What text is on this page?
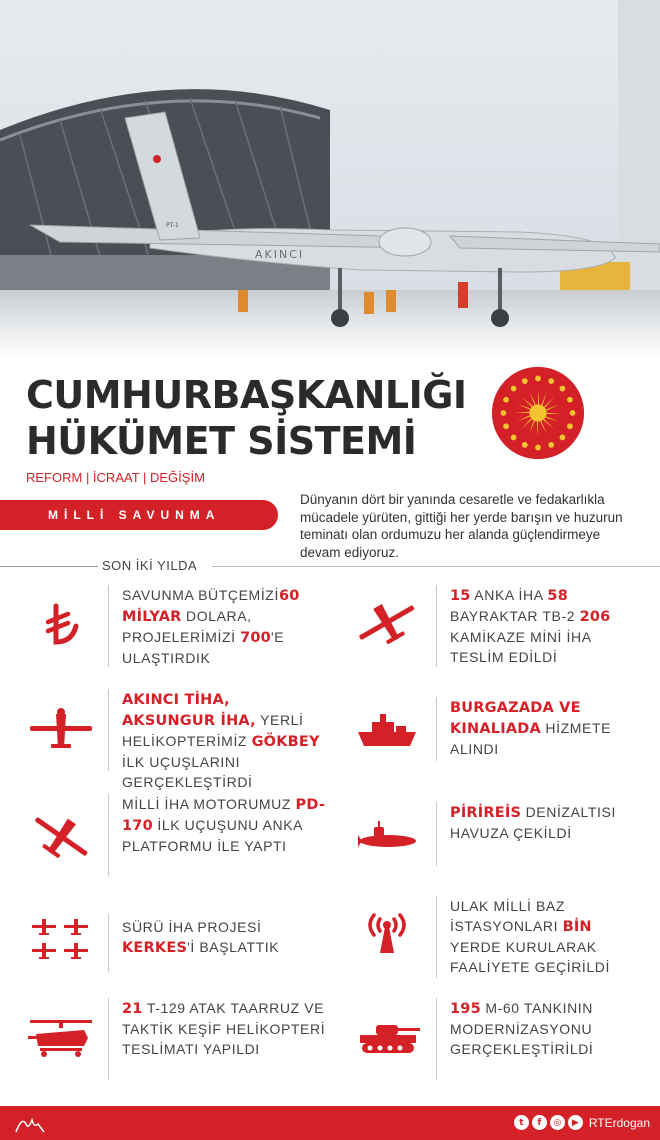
AKINCI
PT-1
CUMHURBAŞKANLIĞI
HÜKÜMET SİSTEMİ
REFORM | İCRAAT | DEĞİŞİM
MİLLİ SAVUNMA
Dünyanın dört bir yanında cesaretle ve fedakarlıkla mücadele yürüten, gittiği her yerde barışın ve huzurun teminatı olan ordumuzu her alanda güçlendirmeye devam ediyoruz.
SON İKİ YILDA
SAVUNMA BÜTÇEMİZİ60 MİLYAR DOLARA, PROJELERİMİZİ 700'E ULAŞTIRDIK
AKINCI TİHA, AKSUNGUR İHA, YERLİ HELİKOPTERİMİZ GÖKBEY İLK UÇUŞLARINI GERÇEKLEŞTİRDİ
MİLLİ İHA MOTORUMUZ PD-170 İLK UÇUŞUNU ANKA PLATFORMU İLE YAPTI
SÜRÜ İHA PROJESİ KERKES'İ BAŞLATTIK
21 T-129 ATAK TAARRUZ VE TAKTİK KEŞİF HELİKOPTERİ TESLİMATI YAPILDI
15 ANKA İHA 58 BAYRAKTAR TB-2 206 KAMİKAZE MİNİ İHA TESLİM EDİLDİ
BURGAZADA VE KINALIADA HİZMETE ALINDI
PİRİREİS DENİZALTISI HAVUZA ÇEKİLDİ
ULAK MİLLİ BAZ İSTASYONLARI BİN YERDE KURULARAK FAALİYETE GEÇİRİLDİ
195 M-60 TANKININ MODERNİZASYONU GERÇEKLEŞTİRİLDİ
t	f	◎	▶ RTErdogan
